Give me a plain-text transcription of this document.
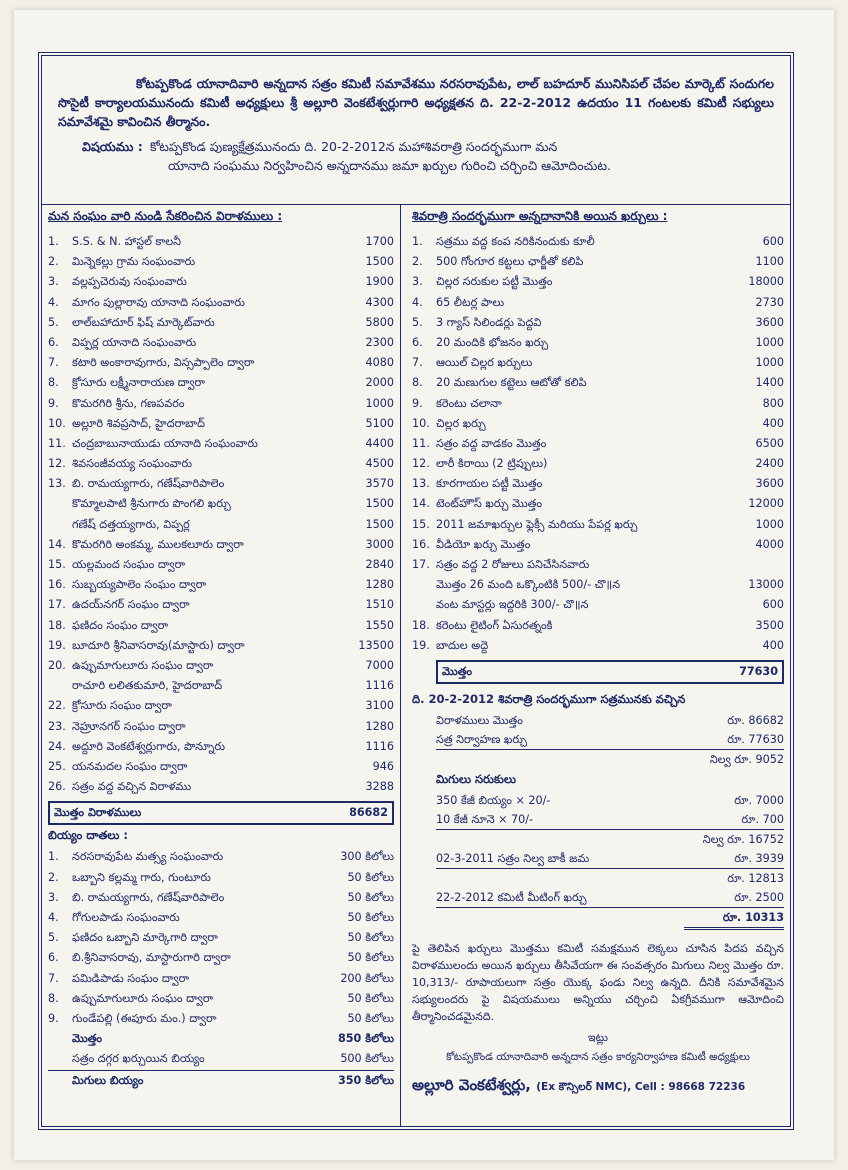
కోటప్పకొండ యానాదివారి అన్నదాన సత్రం కమిటీ సమావేశము నరసరావుపేట, లాల్ బహదూర్ మునిసిపల్ చేపల మార్కెట్ సందుగల సొసైటీ కార్యాలయమునందు కమిటీ అధ్యక్షులు శ్రీ అల్లూరి వెంకటేశ్వర్లుగారి అధ్యక్షతన ది. 22-2-2012 ఉదయం 11 గంటలకు కమిటీ సభ్యులు సమావేశమై కావించిన తీర్మానం.
విషయము : కోటప్పకొండ పుణ్యక్షేత్రమునందు ది. 20-2-2012న మహాశివరాత్రి సందర్భముగా మన
యానాది సంఘము నిర్వహించిన అన్నదానము జమా ఖర్చుల గురించి చర్చించి ఆమోదించుట.
మన సంఘం వారి నుండి సేకరించిన విరాళములు :
1.	S.S. & N. హాస్టల్ కాలనీ	1700
2.	మిన్నెకల్లు గ్రామ సంఘంవారు	1500
3.	వల్లప్పచెరువు సంఘంవారు	1900
4.	మాగం పుల్లారావు యానాది సంఘంవారు	4300
5.	లాల్‌బహాదూర్ ఫిష్ మార్కెట్‌వారు	5800
6.	విప్పర్ల యానాది సంఘంవారు	2300
7.	కటారి అంకారావుగారు, విస్సప్పాలెం ద్వారా	4080
8.	క్రోసూరు లక్ష్మీనారాయణ ద్వారా	2000
9.	కొమరగిరి శ్రీను, గణపవరం	1000
10. అల్లూరి శివప్రసాద్, హైదరాబాద్	5100
11. చంద్రబాబునాయుడు యానాది సంఘంవారు	4400
12. శివసంజీవయ్య సంఘంవారు	4500
13. బి. రామయ్యగారు, గణేష్‌వారిపాలెం	3570
కొమ్మాలపాటి శ్రీనుగారు పొంగలి ఖర్చు	1500
గణేష్ దత్తయ్యగారు, విప్పర్ల	1500
14. కొమరగిరి అంకమ్మ, ములకలూరు ద్వారా	3000
15. యల్లమంద సంఘం ద్వారా	2840
16. సుబ్బయ్యపాలెం సంఘం ద్వారా	1280
17. ఉదయ్‌నగర్ సంఘం ద్వారా	1510
18. ఫణిదం సంఘం ద్వారా	1550
19. బూదూరి శ్రీనివాసరావు(మాస్టారు) ద్వారా	13500
20. ఉప్పుమాగులూరు సంఘం ద్వారా	7000
రాచూరి లలితకుమారి, హైదరాబాద్	1116
22. క్రోసూరు సంఘం ద్వారా	3100
23. నెహ్రూనగర్ సంఘం ద్వారా	1280
24. అద్దూరి వెంకటేశ్వర్లుగారు, పొన్నూరు	1116
25. యనమదల సంఘం ద్వారా	946
26. సత్రం వద్ద వచ్చిన విరాళము	3288
మొత్తం విరాళములు	86682
బియ్యం దాతలు :
1.	నరసరావుపేట మత్స్య సంఘంవారు	300 కిలోలు
2.	ఒబ్బాని కల్లమ్మ గారు, గుంటూరు	50 కిలోలు
3.	బి. రామయ్యగారు, గణేష్‌వారిపాలెం	50 కిలోలు
4.	గోగులపాడు సంఘంవారు	50 కిలోలు
5.	ఫణిదం ఒబ్బాని మార్కెగారి ద్వారా	50 కిలోలు
6.	బి.శ్రీనివాసరావు, మాస్టారుగారి ద్వారా	50 కిలోలు
7.	పమిడిపాడు సంఘం ద్వారా	200 కిలోలు
8.	ఉప్పుమాగులూరు సంఘం ద్వారా	50 కిలోలు
9.	గుండేపల్లి (ఈపూరు మం.) ద్వారా	50 కిలోలు
మొత్తం	850 కిలోలు
సత్రం దగ్గర ఖర్చుయిన బియ్యం	500 కిలోలు
మిగులు బియ్యం	350 కిలోలు
శివరాత్రి సందర్భముగా అన్నదానానికి అయిన ఖర్చులు :
1.	సత్రము వద్ద కంప నరికినందుకు కూలీ	600
2.	500 గోంగూర కట్టలు ఛార్జీతో కలిపి	1100
3.	చిల్లర సరుకుల పట్టీ మొత్తం	18000
4.	65 లీటర్ల పాలు	2730
5.	3 గ్యాస్ సిలిండర్లు పెద్దవి	3600
6.	20 మందికి భోజనం ఖర్చు	1000
7.	ఆయిల్ చిల్లర ఖర్చులు	1000
8.	20 మణుగుల కట్టెలు ఆటోతో కలిపి	1400
9.	కరెంటు చలానా	800
10. చిల్లర ఖర్చు	400
11. సత్రం వద్ద వాడకం మొత్తం	6500
12. లారీ కిరాయి (2 ట్రిప్పులు)	2400
13. కూరగాయల పట్టీ మొత్తం	3600
14. టెంట్‌హౌస్ ఖర్చు మొత్తం	12000
15. 2011 జమాఖర్చుల ఫ్లెక్సీ మరియు పేపర్ల ఖర్చు	1000
16. వీడియో ఖర్చు మొత్తం	4000
17. సత్రం వద్ద 2 రోజులు పనిచేసినవారు
మొత్తం 26 మంది ఒక్కొంటికి 500/- చొ॥న	13000
వంట మాస్టర్లు ఇద్దరికి 300/- చొ॥న	600
18. కరెంటు లైటింగ్ ఏసురత్నంకి	3500
19. బాదుల అద్దె	400
మొత్తం	77630
ది. 20-2-2012 శివరాత్రి సందర్భముగా సత్రమునకు వచ్చిన
విరాళములు మొత్తం	రూ. 86682
సత్ర నిర్వాహణ ఖర్చు	రూ. 77630
నిల్వ రూ. 9052
మిగులు సరుకులు
350 కేజీ బియ్యం × 20/-	రూ. 7000
10 కేజీ నూనె × 70/-	రూ. 700
నిల్వ రూ. 16752
02-3-2011 సత్రం నిల్వ బాకీ జమ	రూ. 3939
రూ. 12813
22-2-2012 కమిటీ మీటింగ్ ఖర్చు	రూ. 2500
రూ. 10313
పై తెలిపిన ఖర్చులు మొత్తము కమిటీ సమక్షమున లెక్కలు చూసిన పిదప వచ్చిన విరాళములందు అయిన ఖర్చులు తీసివేయగా ఈ సంవత్సరం మిగులు నిల్వ మొత్తం రూ. 10,313/- రూపాయలుగా సత్రం యొక్క ఫండు నిల్వ ఉన్నది. దీనికి సమావేశమైన సభ్యులందరు పై విషయములు అన్నియు చర్చించి ఏకగ్రీవముగా ఆమోదించి తీర్మానించడమైనది.
ఇట్లు
కోటప్పకొండ యానాదివారి అన్నదాన సత్రం కార్యనిర్వాహణ కమిటీ అధ్యక్షులు
అల్లూరి వెంకటేశ్వర్లు, (Ex కౌన్సిలర్ NMC), Cell : 98668 72236
